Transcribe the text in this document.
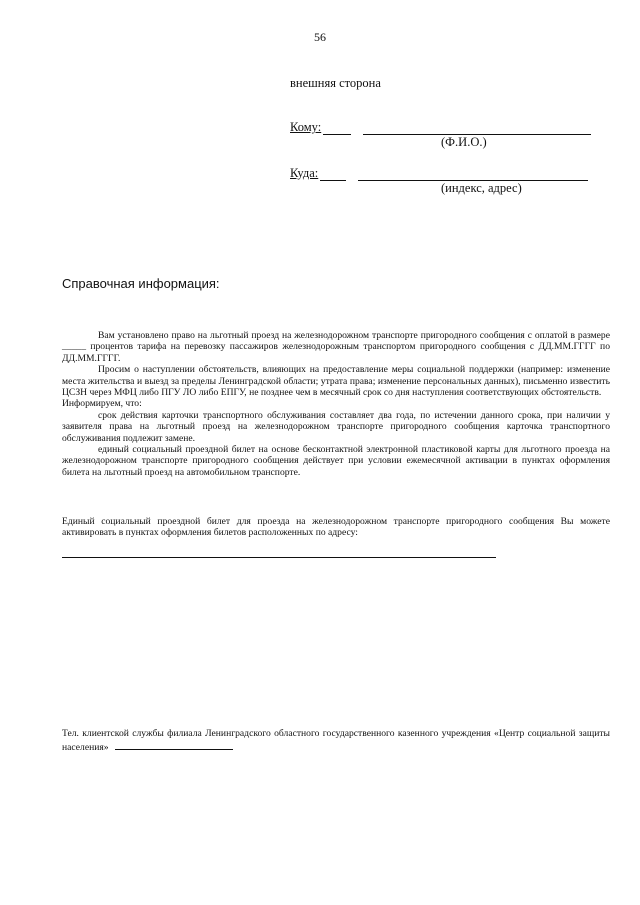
56
внешняя сторона
Кому:
(Ф.И.О.)
Куда:
(индекс, адрес)
Справочная информация:

Вам установлено право на льготный проезд на железнодорожном транспорте пригородного сообщения с оплатой в размере _____ процентов тарифа на перевозку пассажиров железнодорожным транспортом пригородного сообщения с ДД.ММ.ГГГГ по ДД.ММ.ГГГГ.

Просим о наступлении обстоятельств, влияющих на предоставление меры социальной поддержки (например: изменение места жительства и выезд за пределы Ленинградской области; утрата права; изменение персональных данных), письменно известить ЦСЗН через МФЦ либо ПГУ ЛО либо ЕПГУ, не позднее чем в месячный срок со дня наступления соответствующих обстоятельств.

Информируем, что:

срок действия карточки транспортного обслуживания составляет два года, по истечении данного срока, при наличии у заявителя права на льготный проезд на железнодорожном транспорте пригородного сообщения карточка транспортного обслуживания подлежит замене.

единый социальный проездной билет на основе бесконтактной электронной пластиковой карты для льготного проезда на железнодорожном транспорте пригородного сообщения действует при условии ежемесячной активации в пунктах оформления билета на льготный проезд на автомобильном транспорте.

Единый социальный проездной билет для проезда на железнодорожном транспорте пригородного сообщения Вы можете активировать в пунктах оформления билетов расположенных по адресу:

Тел. клиентской службы филиала Ленинградского областного государственного казенного учреждения «Центр социальной защиты населения»
